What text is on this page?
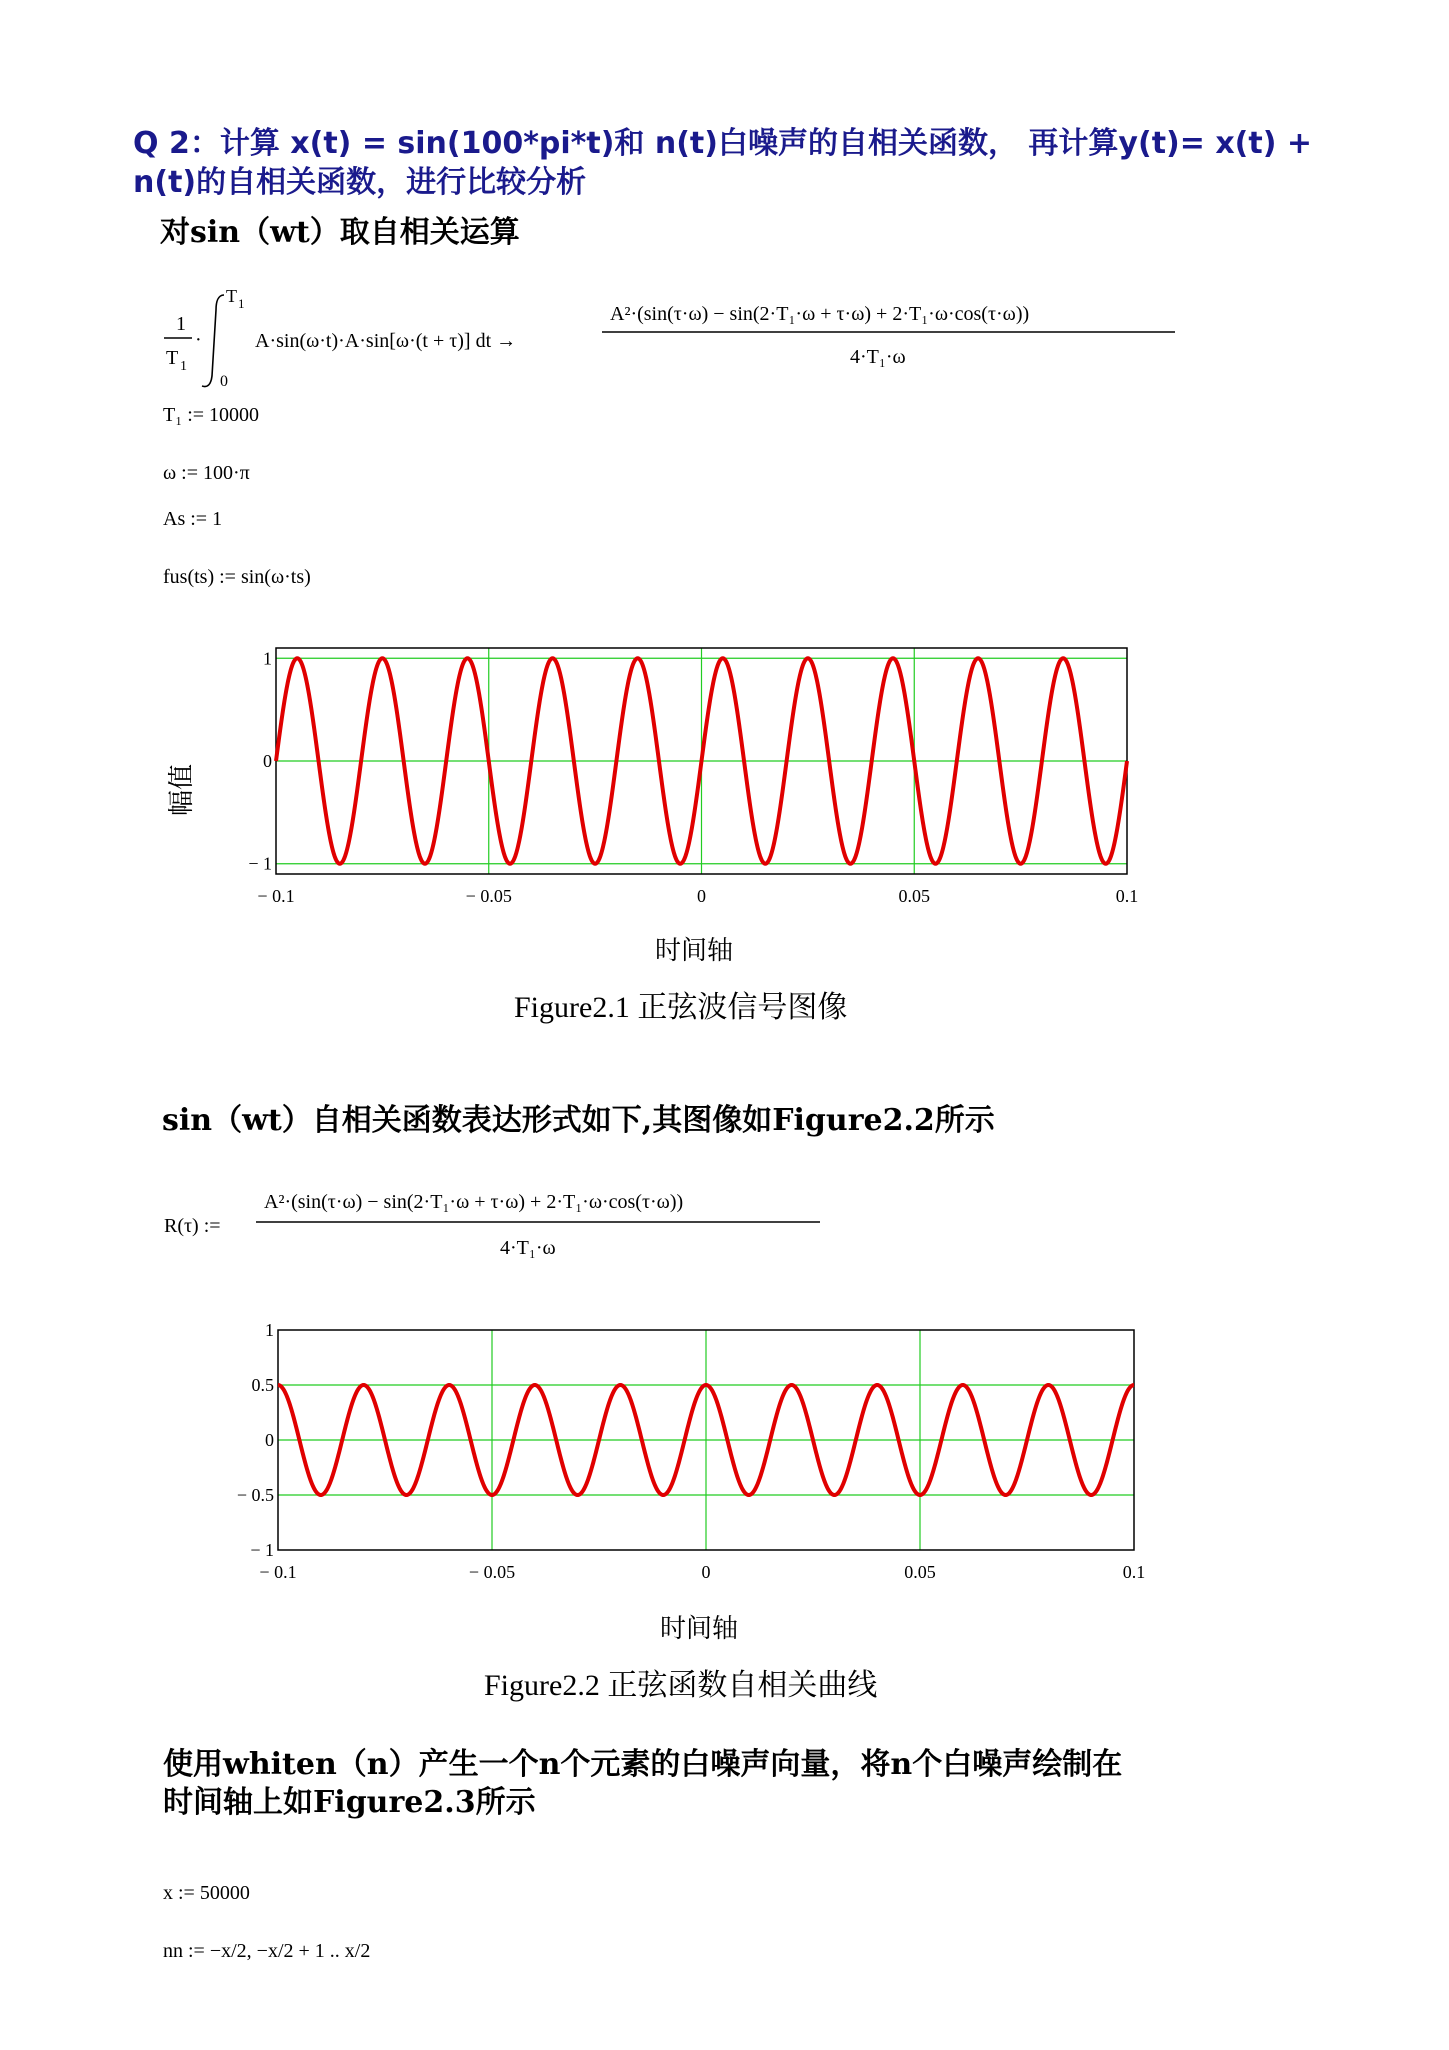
Q 2：计算 x(t) = sin(100*pi*t)和 n(t)白噪声的自相关函数， 再计算y(t)= x(t) +
n(t)的自相关函数，进行比较分析
对sin（wt）取自相关运算
1
T 1
·
T 1
0
A·sin(ω·t)·A·sin[ω·(t + τ)] dt →
A²·(sin(τ·ω) − sin(2·T₁·ω + τ·ω) + 2·T₁·ω·cos(τ·ω))
4·T₁·ω
T₁ := 10000
ω := 100·π
As := 1
fus(ts) := sin(ω·ts)
幅值
1
0
− 1
− 0.1	− 0.05	0	0.05	0.1
时间轴
Figure2.1 正弦波信号图像
sin（wt）自相关函数表达形式如下,其图像如Figure2.2所示
R(τ) :=
A²·(sin(τ·ω) − sin(2·T₁·ω + τ·ω) + 2·T₁·ω·cos(τ·ω))
4·T₁·ω
1
0.5
0
− 0.5
− 1
− 0.1	− 0.05	0	0.05	0.1
时间轴
Figure2.2 正弦函数自相关曲线
使用whiten（n）产生一个n个元素的白噪声向量，将n个白噪声绘制在
时间轴上如Figure2.3所示
x := 50000
nn := −x/2, −x/2 + 1 .. x/2
